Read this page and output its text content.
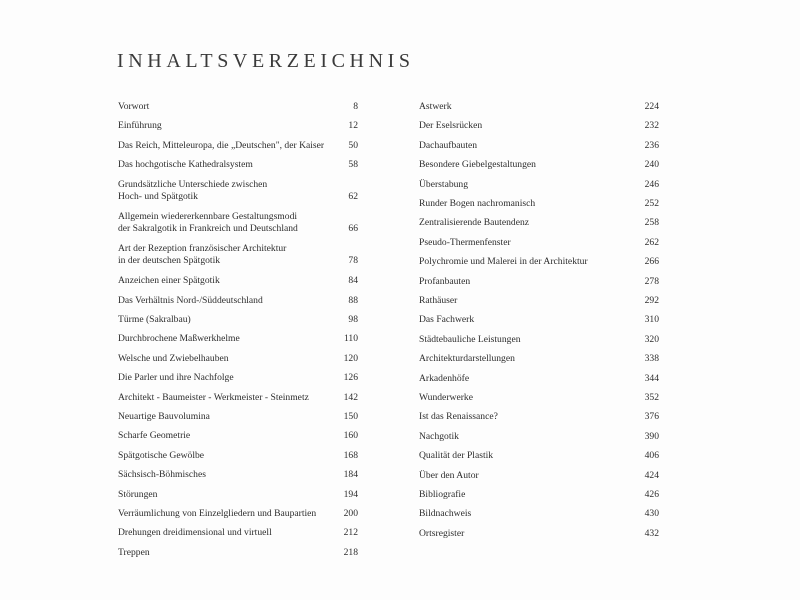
INHALTSVERZEICHNIS
Vorwort	8
Einführung	12
Das Reich, Mitteleuropa, die „Deutschen", der Kaiser	50
Das hochgotische Kathedralsystem	58
Grundsätzliche Unterschiede zwischen
Hoch- und Spätgotik	62
Allgemein wiedererkennbare Gestaltungsmodi
der Sakralgotik in Frankreich und Deutschland	66
Art der Rezeption französischer Architektur
in der deutschen Spätgotik	78
Anzeichen einer Spätgotik	84
Das Verhältnis Nord-/Süddeutschland	88
Türme (Sakralbau)	98
Durchbrochene Maßwerkhelme	110
Welsche und Zwiebelhauben	120
Die Parler und ihre Nachfolge	126
Architekt - Baumeister - Werkmeister - Steinmetz	142
Neuartige Bauvolumina	150
Scharfe Geometrie	160
Spätgotische Gewölbe	168
Sächsisch-Böhmisches	184
Störungen	194
Verräumlichung von Einzelgliedern und Baupartien	200
Drehungen dreidimensional und virtuell	212
Treppen	218
Astwerk	224
Der Eselsrücken	232
Dachaufbauten	236
Besondere Giebelgestaltungen	240
Überstabung	246
Runder Bogen nachromanisch	252
Zentralisierende Bautendenz	258
Pseudo-Thermenfenster	262
Polychromie und Malerei in der Architektur	266
Profanbauten	278
Rathäuser	292
Das Fachwerk	310
Städtebauliche Leistungen	320
Architekturdarstellungen	338
Arkadenhöfe	344
Wunderwerke	352
Ist das Renaissance?	376
Nachgotik	390
Qualität der Plastik	406
Über den Autor	424
Bibliografie	426
Bildnachweis	430
Ortsregister	432
